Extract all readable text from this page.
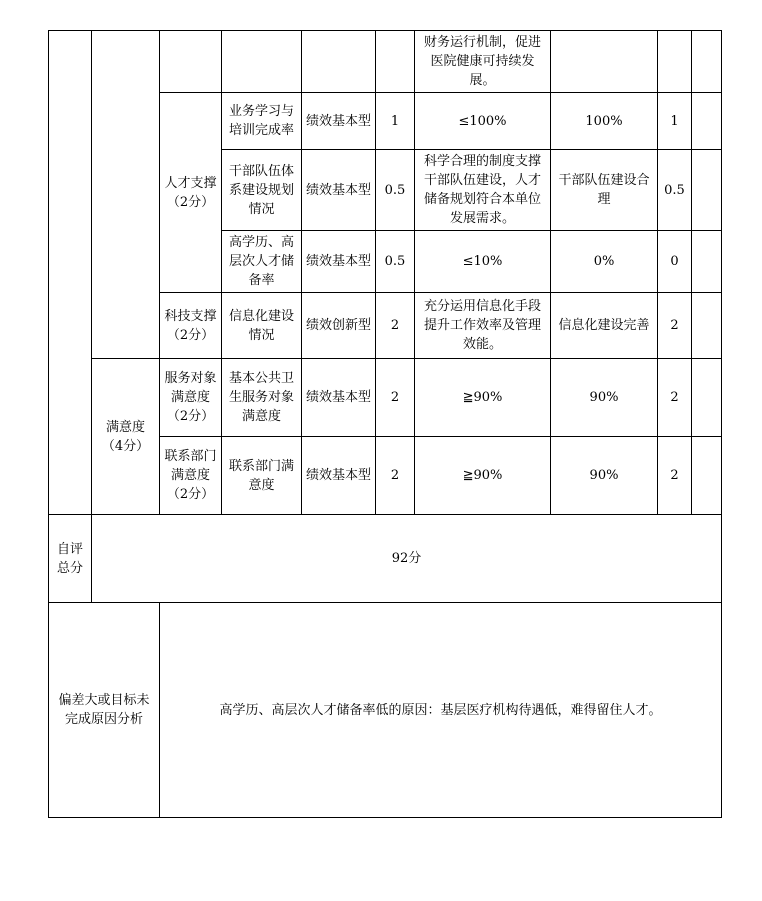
						财务运行机制，促进医院健康可持续发展。			
		人才支撑（2分）	业务学习与培训完成率	绩效基本型	1	≤100%	100%	1	
			干部队伍体系建设规划情况	绩效基本型	0.5	科学合理的制度支撑干部队伍建设，人才储备规划符合本单位发展需求。	干部队伍建设合理	0.5	
			高学历、高层次人才储备率	绩效基本型	0.5	≤10%	0%	0	
		科技支撑（2分）	信息化建设情况	绩效创新型	2	充分运用信息化手段提升工作效率及管理效能。	信息化建设完善	2	
	满意度（4分）	服务对象满意度（2分）	基本公共卫生服务对象满意度	绩效基本型	2	≧90%	90%	2	
		联系部门满意度（2分）	联系部门满意度	绩效基本型	2	≧90%	90%	2	
自评总分	92分								
偏差大或目标未完成原因分析		高学历、高层次人才储备率低的原因：基层医疗机构待遇低，难得留住人才。							
